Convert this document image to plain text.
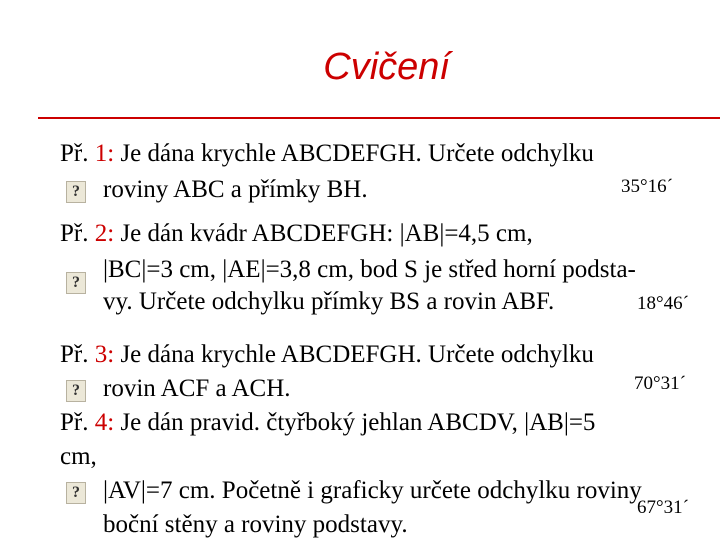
Cvičení
Př. 1: Je dána krychle ABCDEFGH. Určete odchylku
? roviny ABC a přímky BH.	35°16´
Př. 2: Je dán kvádr ABCDEFGH: |AB|=4,5 cm,
|BC|=3 cm, |AE|=3,8 cm, bod S je střed horní podsta-
?
vy. Určete odchylku přímky BS a rovin ABF.	18°46´
Př. 3: Je dána krychle ABCDEFGH. Určete odchylku
70°31´
? rovin ACF a ACH.
Př. 4: Je dán pravid. čtyřboký jehlan ABCDV, |AB|=5
cm,
? |AV|=7 cm. Početně i graficky určete odchylku roviny
67°31´
boční stěny a roviny podstavy.
